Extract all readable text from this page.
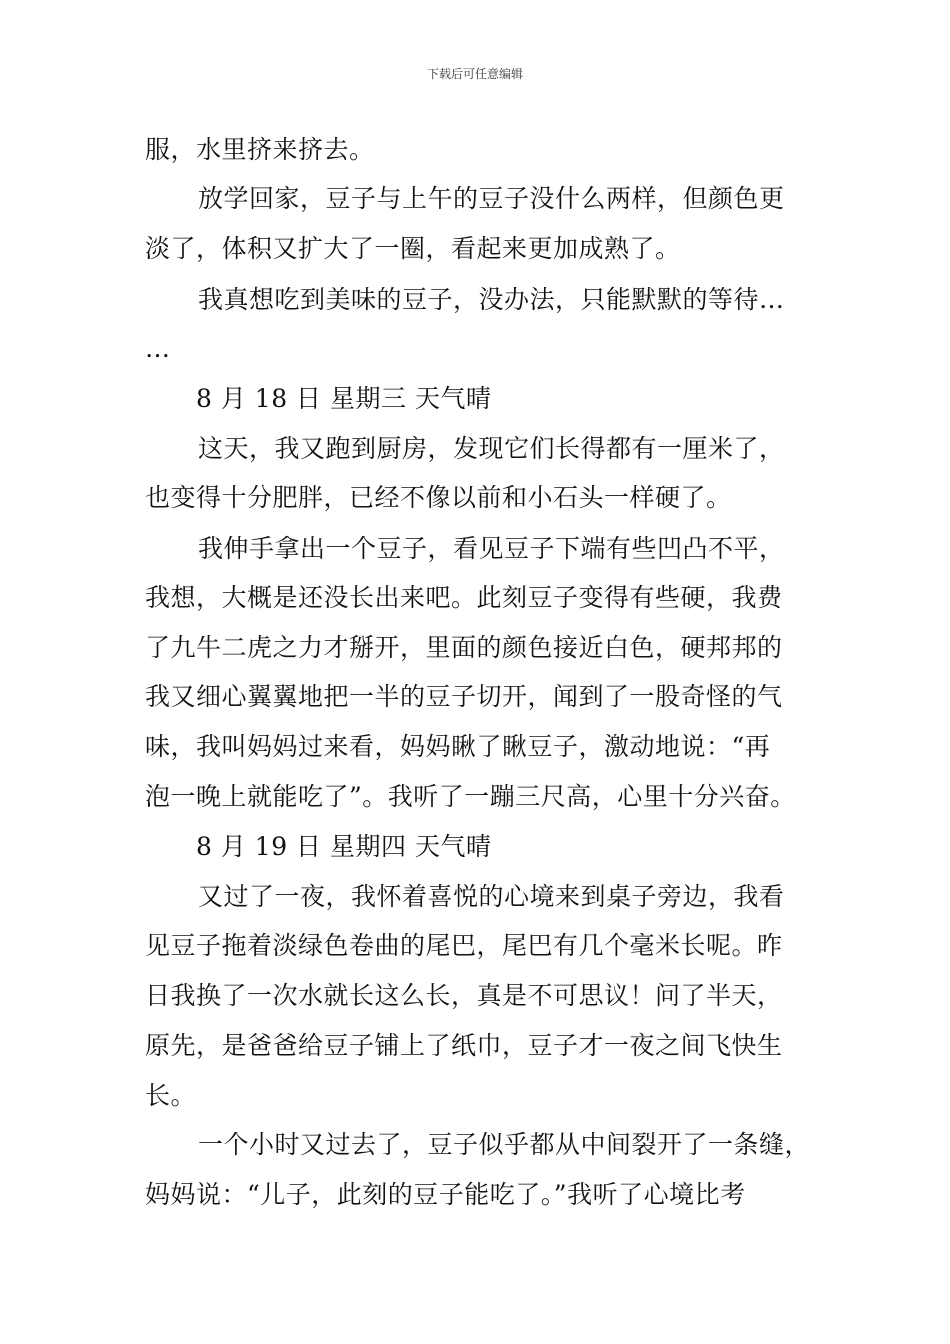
下载后可任意编辑
服，水里挤来挤去。
放学回家，豆子与上午的豆子没什么两样，但颜色更
淡了，体积又扩大了一圈，看起来更加成熟了。
我真想吃到美味的豆子，没办法，只能默默的等待…
…
8 月 18 日 星期三 天气晴
这天，我又跑到厨房，发现它们长得都有一厘米了，
也变得十分肥胖，已经不像以前和小石头一样硬了。
我伸手拿出一个豆子，看见豆子下端有些凹凸不平，
我想，大概是还没长出来吧。此刻豆子变得有些硬，我费
了九牛二虎之力才掰开，里面的颜色接近白色，硬邦邦的
我又细心翼翼地把一半的豆子切开，闻到了一股奇怪的气
味，我叫妈妈过来看，妈妈瞅了瞅豆子，激动地说：“再
泡一晚上就能吃了”。我听了一蹦三尺高，心里十分兴奋。
8 月 19 日 星期四 天气晴
又过了一夜，我怀着喜悦的心境来到桌子旁边，我看
见豆子拖着淡绿色卷曲的尾巴，尾巴有几个毫米长呢。昨
日我换了一次水就长这么长，真是不可思议！问了半天，
原先，是爸爸给豆子铺上了纸巾，豆子才一夜之间飞快生
长。
一个小时又过去了，豆子似乎都从中间裂开了一条缝，
妈妈说：“儿子，此刻的豆子能吃了。”我听了心境比考
